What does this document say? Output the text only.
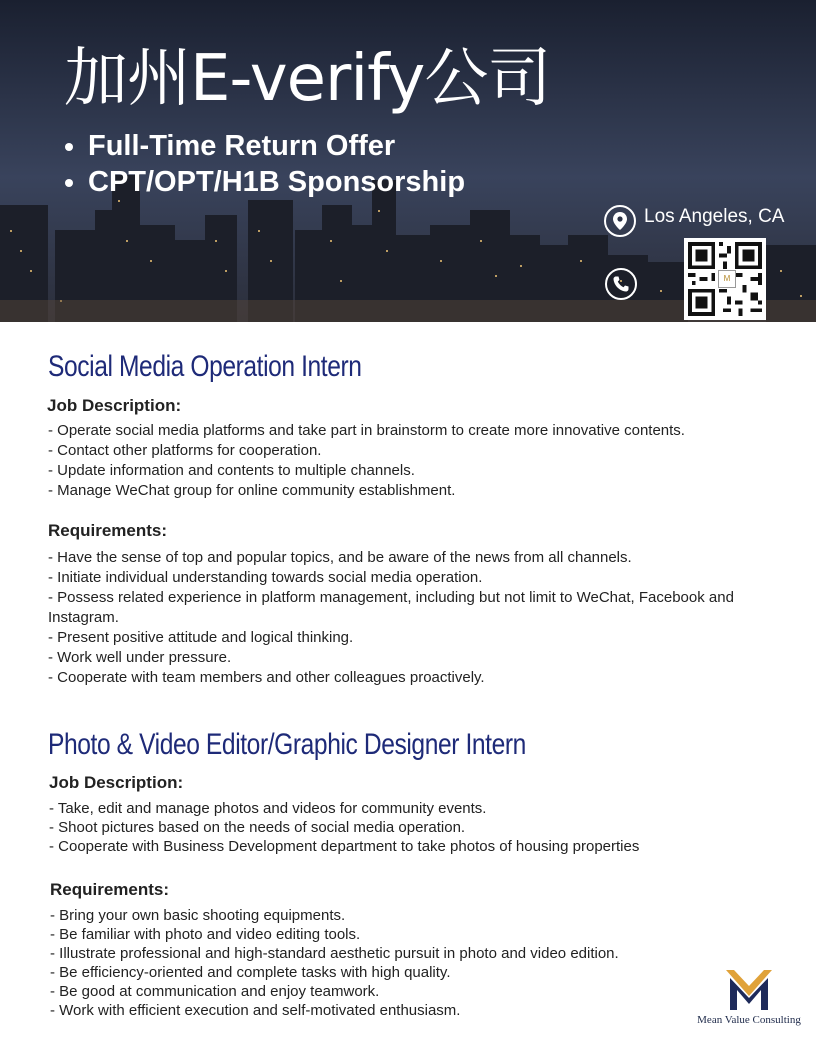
加州E-verify公司
• Full-Time Return Offer
• CPT/OPT/H1B Sponsorship
Los Angeles, CA
M
Social Media Operation Intern
Job Description:
- Operate social media platforms and take part in brainstorm to create more innovative contents.
- Contact other platforms for cooperation.
- Update information and contents to multiple channels.
- Manage WeChat group for online community establishment.
Requirements:
- Have the sense of top and popular topics, and be aware of the news from all channels.
- Initiate individual understanding towards social media operation.
- Possess related experience in platform management, including but not limit to WeChat, Facebook and Instagram.
- Present positive attitude and logical thinking.
- Work well under pressure.
- Cooperate with team members and other colleagues proactively.
Photo & Video Editor/Graphic Designer Intern
Job Description:
- Take, edit and manage photos and videos for community events.
- Shoot pictures based on the needs of social media operation.
- Cooperate with Business Development department to take photos of housing properties
Requirements:
- Bring your own basic shooting equipments.
- Be familiar with photo and video editing tools.
- Illustrate professional and high-standard aesthetic pursuit in photo and video edition.
- Be efficiency-oriented and complete tasks with high quality.
- Be good at communication and enjoy teamwork.
- Work with efficient execution and self-motivated enthusiasm.
Mean Value Consulting
